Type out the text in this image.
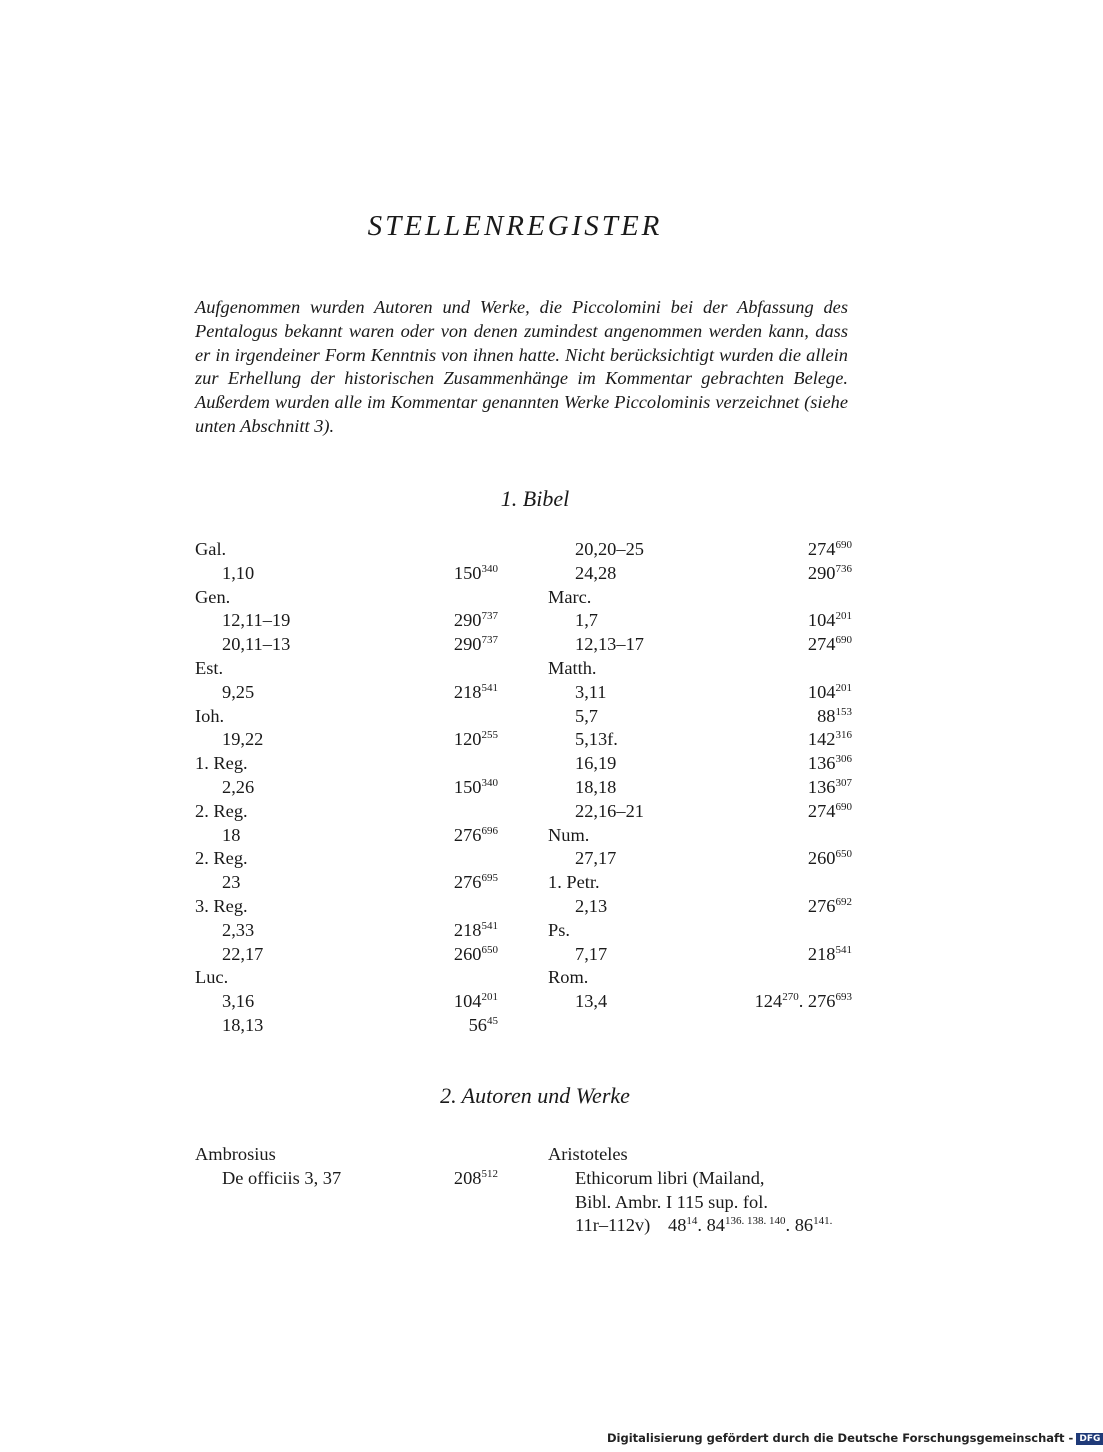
STELLENREGISTER

Aufgenommen wurden Autoren und Werke, die Piccolomini bei der Abfassung des Pentalogus bekannt waren oder von denen zumindest angenommen werden kann, dass er in irgendeiner Form Kenntnis von ihnen hatte. Nicht berücksichtigt wurden die allein zur Erhellung der historischen Zusammenhänge im Kommentar gebrachten Belege. Außerdem wurden alle im Kommentar genannten Werke Piccolominis verzeichnet (siehe unten Abschnitt 3).

1. Bibel
Gal.
1,10	$150^{340}$
Gen.
12,11–19	$290^{737}$
20,11–13	$290^{737}$
Est.
9,25	$218^{541}$
Ioh.
19,22	$120^{255}$
1. Reg.
2,26	$150^{340}$
2. Reg.
18	$276^{696}$
2. Reg.
23	$276^{695}$
3. Reg.
2,33	$218^{541}$
22,17	$260^{650}$
Luc.
3,16	$104^{201}$
18,13	$56^{45}$
20,20–25	$274^{690}$
24,28	$290^{736}$
Marc.
1,7	$104^{201}$
12,13–17	$274^{690}$
Matth.
3,11	$104^{201}$
5,7	$88^{153}$
5,13f.	$142^{316}$
16,19	$136^{306}$
18,18	$136^{307}$
22,16–21	$274^{690}$
Num.
27,17	$260^{650}$
1. Petr.
2,13	$276^{692}$
Ps.
7,17	$218^{541}$
Rom.
13,4	$124^{270}$. $276^{693}$
2. Autoren und Werke
Ambrosius
De officiis 3, 37	$208^{512}$
Aristoteles
Ethicorum libri (Mailand,
Bibl. Ambr. I 115 sup. fol.
11r–112v) $48^{14}$. $84^{136. 138. 140}$. $86^{141.}$
Digitalisierung gefördert durch die Deutsche Forschungsgemeinschaft - DFG
